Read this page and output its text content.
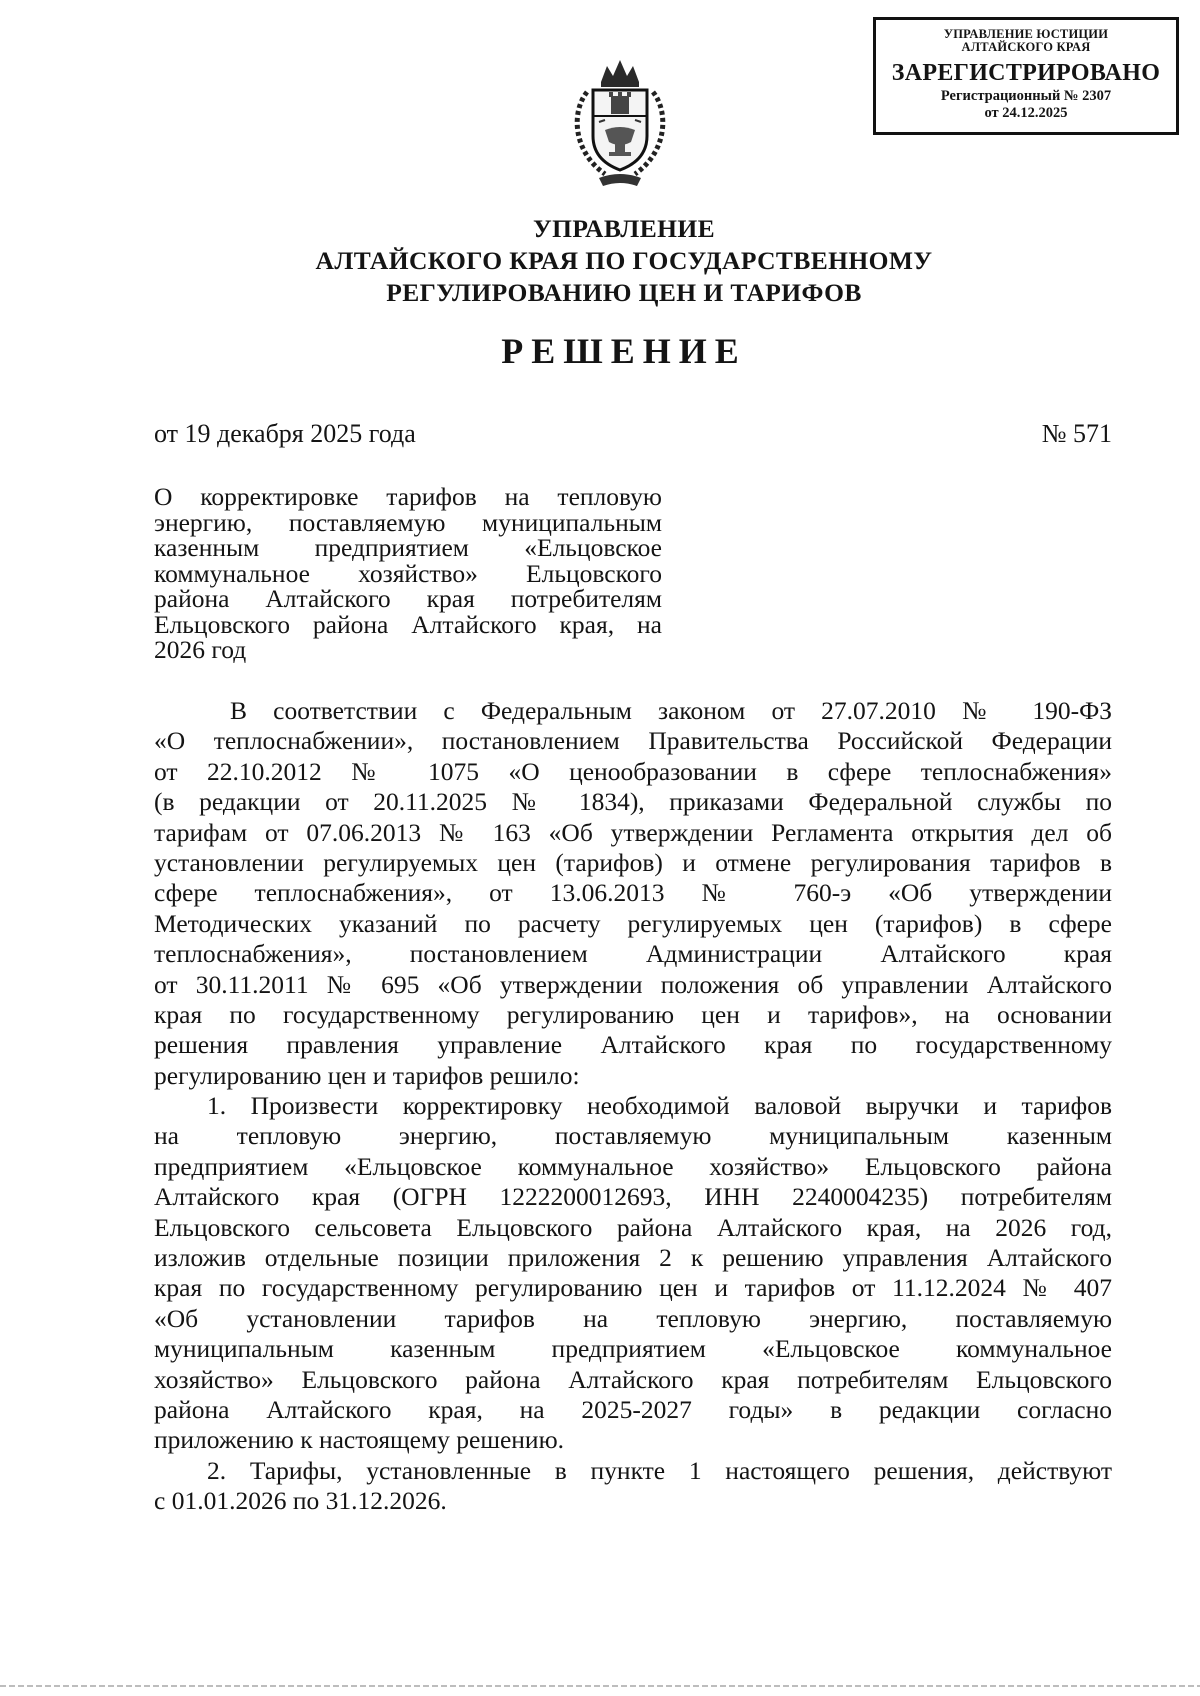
УПРАВЛЕНИЕ ЮСТИЦИИ
АЛТАЙСКОГО КРАЯ
ЗАРЕГИСТРИРОВАНО
Регистрационный № 2307
от 24.12.2025
УПРАВЛЕНИЕ
АЛТАЙСКОГО КРАЯ ПО ГОСУДАРСТВЕННОМУ
РЕГУЛИРОВАНИЮ ЦЕН И ТАРИФОВ
РЕШЕНИЕ
от 19 декабря 2025 года	№ 571
О корректировке тарифов на тепловую
энергию, поставляемую муниципальным
казенным предприятием «Ельцовское
коммунальное хозяйство» Ельцовского
района Алтайского края потребителям
Ельцовского района Алтайского края, на
2026 год
В соответствии с Федеральным законом от 27.07.2010 № 190-ФЗ
«О теплоснабжении», постановлением Правительства Российской Федерации
от 22.10.2012 № 1075 «О ценообразовании в сфере теплоснабжения»
(в редакции от 20.11.2025 № 1834), приказами Федеральной службы по
тарифам от 07.06.2013 № 163 «Об утверждении Регламента открытия дел об
установлении регулируемых цен (тарифов) и отмене регулирования тарифов в
сфере теплоснабжения», от 13.06.2013 № 760-э «Об утверждении
Методических указаний по расчету регулируемых цен (тарифов) в сфере
теплоснабжения», постановлением Администрации Алтайского края
от 30.11.2011 № 695 «Об утверждении положения об управлении Алтайского
края по государственному регулированию цен и тарифов», на основании
решения правления управление Алтайского края по государственному
регулированию цен и тарифов решило:
1. Произвести корректировку необходимой валовой выручки и тарифов
на тепловую энергию, поставляемую муниципальным казенным
предприятием «Ельцовское коммунальное хозяйство» Ельцовского района
Алтайского края (ОГРН 1222200012693, ИНН 2240004235) потребителям
Ельцовского сельсовета Ельцовского района Алтайского края, на 2026 год,
изложив отдельные позиции приложения 2 к решению управления Алтайского
края по государственному регулированию цен и тарифов от 11.12.2024 № 407
«Об установлении тарифов на тепловую энергию, поставляемую
муниципальным казенным предприятием «Ельцовское коммунальное
хозяйство» Ельцовского района Алтайского края потребителям Ельцовского
района Алтайского края, на 2025-2027 годы» в редакции согласно
приложению к настоящему решению.
2. Тарифы, установленные в пункте 1 настоящего решения, действуют
с 01.01.2026 по 31.12.2026.
